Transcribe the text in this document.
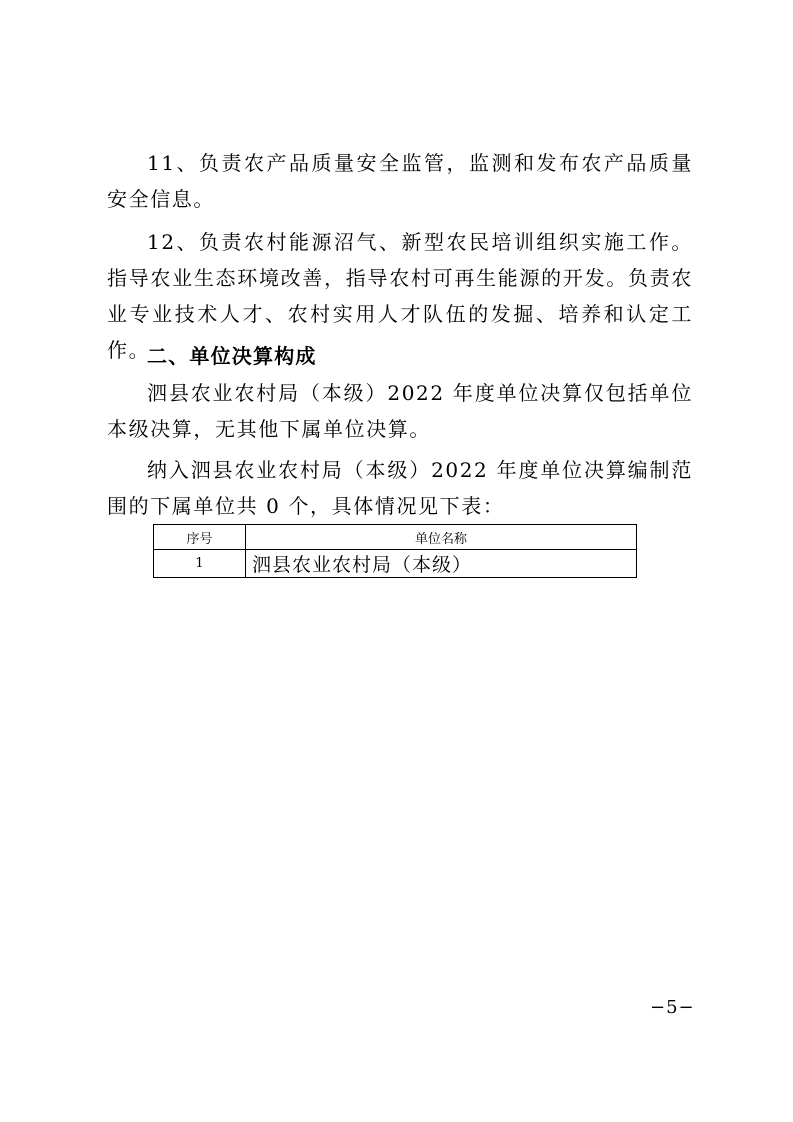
11、负责农产品质量安全监管，监测和发布农产品质量安全信息。

12、负责农村能源沼气、新型农民培训组织实施工作。指导农业生态环境改善，指导农村可再生能源的开发。负责农业专业技术人才、农村实用人才队伍的发掘、培养和认定工作。

二、单位决算构成

泗县农业农村局（本级）2022 年度单位决算仅包括单位本级决算，无其他下属单位决算。

纳入泗县农业农村局（本级）2022 年度单位决算编制范围的下属单位共 0 个，具体情况见下表：

序号	单位名称
1	泗县农业农村局（本级）
−5−
